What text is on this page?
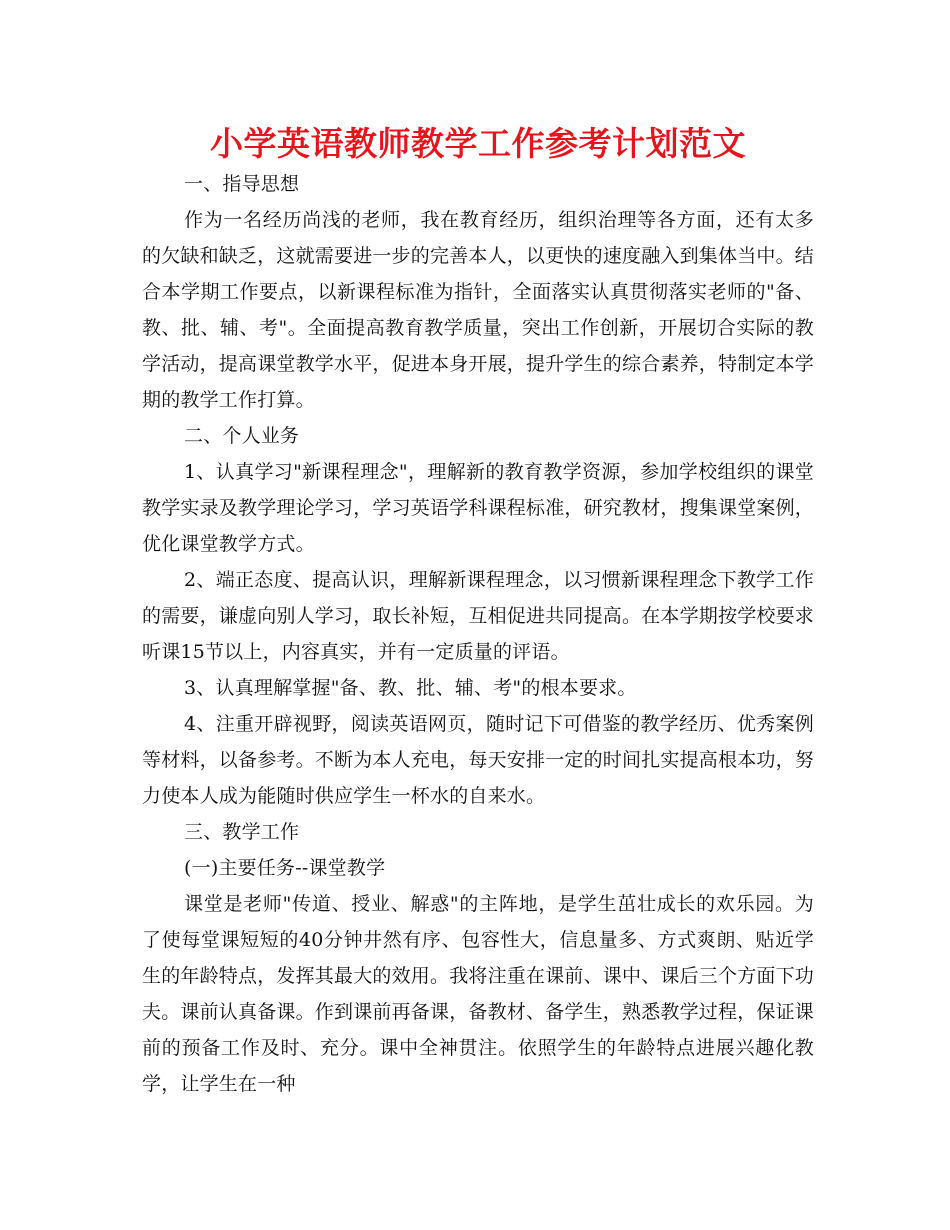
小学英语教师教学工作参考计划范文

一、指导思想

作为一名经历尚浅的老师，我在教育经历，组织治理等各方面，还有太多的欠缺和缺乏，这就需要进一步的完善本人，以更快的速度融入到集体当中。结合本学期工作要点，以新课程标准为指针，全面落实认真贯彻落实老师的"备、教、批、辅、考"。全面提高教育教学质量，突出工作创新，开展切合实际的教学活动，提高课堂教学水平，促进本身开展，提升学生的综合素养，特制定本学期的教学工作打算。

二、个人业务

1、认真学习"新课程理念"，理解新的教育教学资源，参加学校组织的课堂教学实录及教学理论学习，学习英语学科课程标准，研究教材，搜集课堂案例，优化课堂教学方式。

2、端正态度、提高认识，理解新课程理念，以习惯新课程理念下教学工作的需要，谦虚向别人学习，取长补短，互相促进共同提高。在本学期按学校要求听课15节以上，内容真实，并有一定质量的评语。

3、认真理解掌握"备、教、批、辅、考"的根本要求。

4、注重开辟视野，阅读英语网页，随时记下可借鉴的教学经历、优秀案例等材料，以备参考。不断为本人充电，每天安排一定的时间扎实提高根本功，努力使本人成为能随时供应学生一杯水的自来水。

三、教学工作

(一)主要任务--课堂教学

课堂是老师"传道、授业、解惑"的主阵地，是学生茁壮成长的欢乐园。为了使每堂课短短的40分钟井然有序、包容性大，信息量多、方式爽朗、贴近学生的年龄特点，发挥其最大的效用。我将注重在课前、课中、课后三个方面下功夫。课前认真备课。作到课前再备课，备教材、备学生，熟悉教学过程，保证课前的预备工作及时、充分。课中全神贯注。依照学生的年龄特点进展兴趣化教学，让学生在一种
